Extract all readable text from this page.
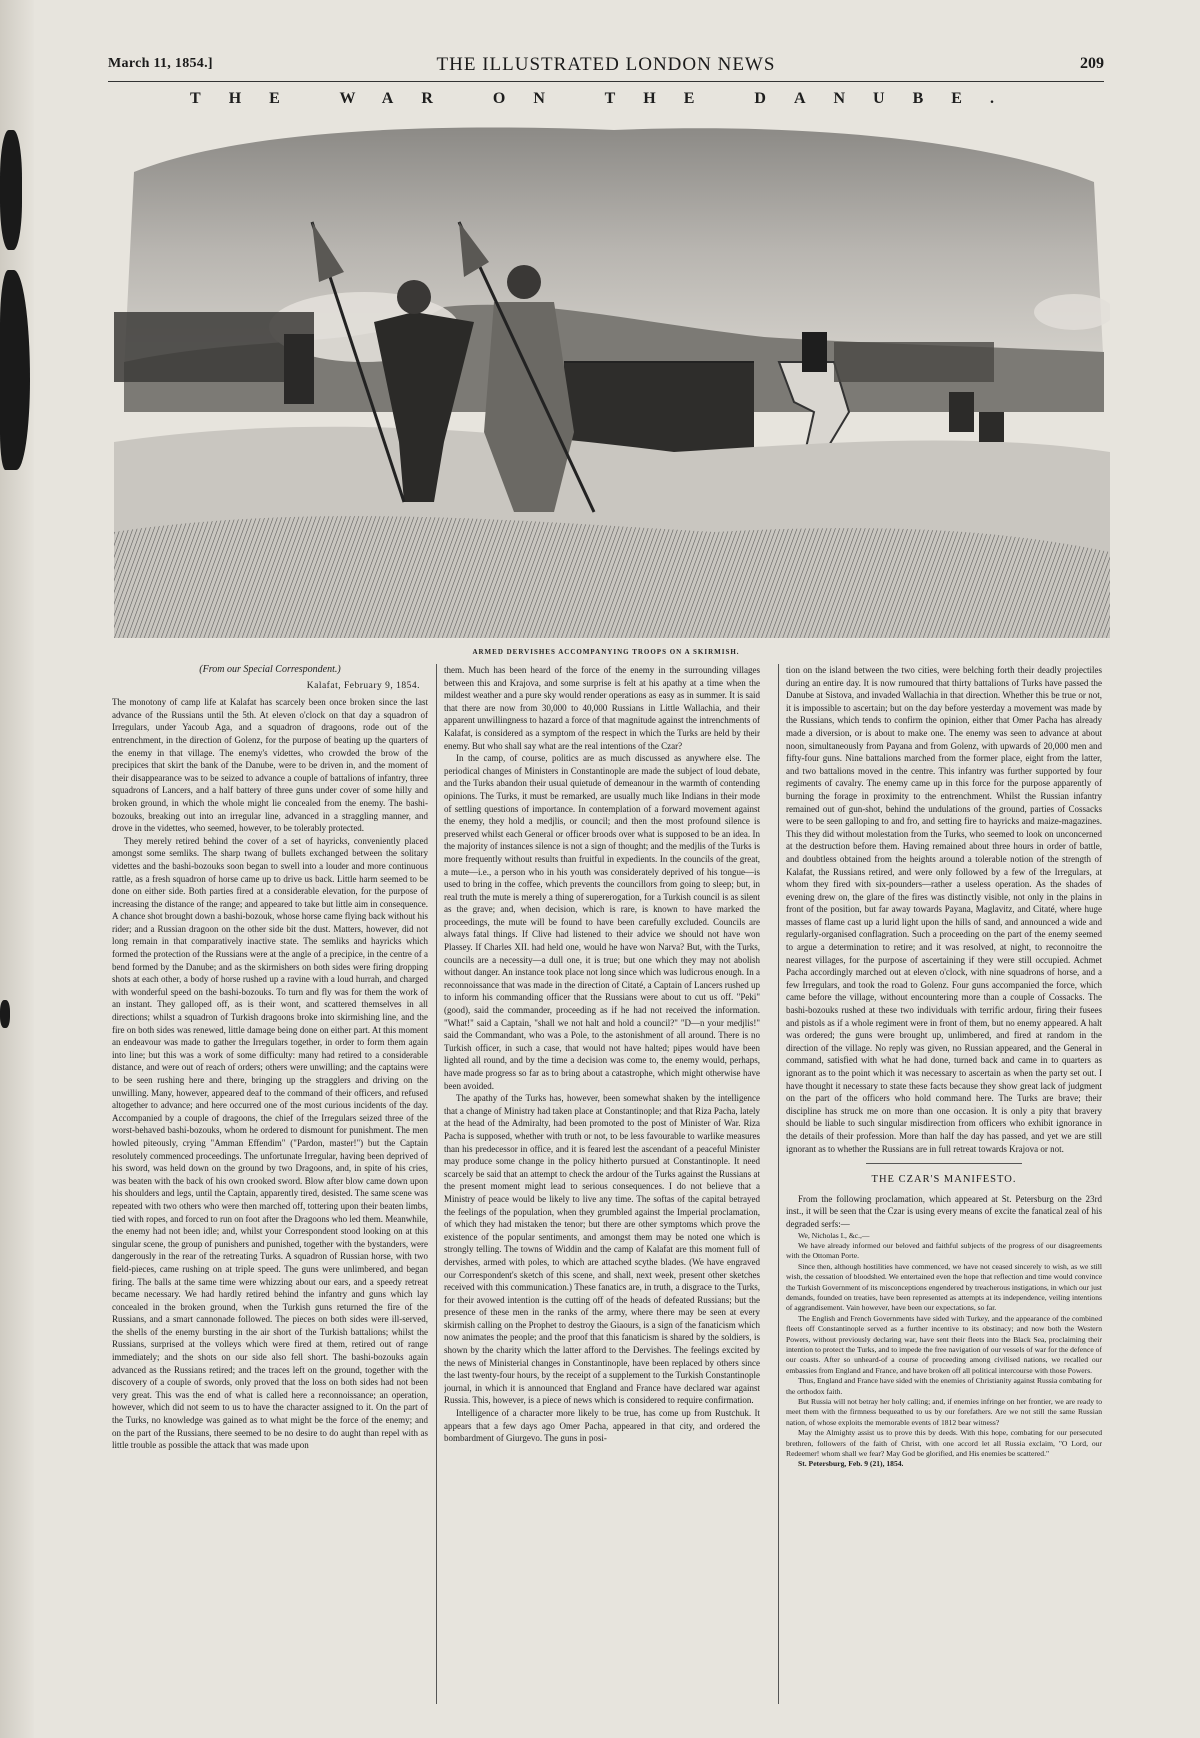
March 11, 1854.]	THE ILLUSTRATED LONDON NEWS	209
THE WAR ON THE DANUBE.
ARMED DERVISHES ACCOMPANYING TROOPS ON A SKIRMISH.

(From our Special Correspondent.)

Kalafat, February 9, 1854.

The monotony of camp life at Kalafat has scarcely been once broken since the last advance of the Russians until the 5th. At eleven o'clock on that day a squadron of Irregulars, under Yacoub Aga, and a squadron of dragoons, rode out of the entrenchment, in the direction of Golenz, for the purpose of beating up the quarters of the enemy in that village. The enemy's videttes, who crowded the brow of the precipices that skirt the bank of the Danube, were to be driven in, and the moment of their disappearance was to be seized to advance a couple of battalions of infantry, three squadrons of Lancers, and a half battery of three guns under cover of some hilly and broken ground, in which the whole might lie concealed from the enemy. The bashi-bozouks, breaking out into an irregular line, advanced in a straggling manner, and drove in the videttes, who seemed, however, to be tolerably protected.

They merely retired behind the cover of a set of hayricks, conveniently placed amongst some semliks. The sharp twang of bullets exchanged between the solitary videttes and the bashi-bozouks soon began to swell into a louder and more continuous rattle, as a fresh squadron of horse came up to drive us back. Little harm seemed to be done on either side. Both parties fired at a considerable elevation, for the purpose of increasing the distance of the range; and appeared to take but little aim in consequence. A chance shot brought down a bashi-bozouk, whose horse came flying back without his rider; and a Russian dragoon on the other side bit the dust. Matters, however, did not long remain in that comparatively inactive state. The semliks and hayricks which formed the protection of the Russians were at the angle of a precipice, in the centre of a bend formed by the Danube; and as the skirmishers on both sides were firing dropping shots at each other, a body of horse rushed up a ravine with a loud hurrah, and charged with wonderful speed on the bashi-bozouks. To turn and fly was for them the work of an instant. They galloped off, as is their wont, and scattered themselves in all directions; whilst a squadron of Turkish dragoons broke into skirmishing line, and the fire on both sides was renewed, little damage being done on either part. At this moment an endeavour was made to gather the Irregulars together, in order to form them again into line; but this was a work of some difficulty: many had retired to a considerable distance, and were out of reach of orders; others were unwilling; and the captains were to be seen rushing here and there, bringing up the stragglers and driving on the unwilling. Many, however, appeared deaf to the command of their officers, and refused altogether to advance; and here occurred one of the most curious incidents of the day. Accompanied by a couple of dragoons, the chief of the Irregulars seized three of the worst-behaved bashi-bozouks, whom he ordered to dismount for punishment. The men howled piteously, crying "Amman Effendim" ("Pardon, master!") but the Captain resolutely commenced proceedings. The unfortunate Irregular, having been deprived of his sword, was held down on the ground by two Dragoons, and, in spite of his cries, was beaten with the back of his own crooked sword. Blow after blow came down upon his shoulders and legs, until the Captain, apparently tired, desisted. The same scene was repeated with two others who were then marched off, tottering upon their beaten limbs, tied with ropes, and forced to run on foot after the Dragoons who led them. Meanwhile, the enemy had not been idle; and, whilst your Correspondent stood looking on at this singular scene, the group of punishers and punished, together with the bystanders, were dangerously in the rear of the retreating Turks. A squadron of Russian horse, with two field-pieces, came rushing on at triple speed. The guns were unlimbered, and began firing. The balls at the same time were whizzing about our ears, and a speedy retreat became necessary. We had hardly retired behind the infantry and guns which lay concealed in the broken ground, when the Turkish guns returned the fire of the Russians, and a smart cannonade followed. The pieces on both sides were ill-served, the shells of the enemy bursting in the air short of the Turkish battalions; whilst the Russians, surprised at the volleys which were fired at them, retired out of range immediately; and the shots on our side also fell short. The bashi-bozouks again advanced as the Russians retired; and the traces left on the ground, together with the discovery of a couple of swords, only proved that the loss on both sides had not been very great. This was the end of what is called here a reconnoissance; an operation, however, which did not seem to us to have the character assigned to it. On the part of the Turks, no knowledge was gained as to what might be the force of the enemy; and on the part of the Russians, there seemed to be no desire to do aught than repel with as little trouble as possible the attack that was made upon

them. Much has been heard of the force of the enemy in the surrounding villages between this and Krajova, and some surprise is felt at his apathy at a time when the mildest weather and a pure sky would render operations as easy as in summer. It is said that there are now from 30,000 to 40,000 Russians in Little Wallachia, and their apparent unwillingness to hazard a force of that magnitude against the intrenchments of Kalafat, is considered as a symptom of the respect in which the Turks are held by their enemy. But who shall say what are the real intentions of the Czar?

In the camp, of course, politics are as much discussed as anywhere else. The periodical changes of Ministers in Constantinople are made the subject of loud debate, and the Turks abandon their usual quietude of demeanour in the warmth of contending opinions. The Turks, it must be remarked, are usually much like Indians in their mode of settling questions of importance. In contemplation of a forward movement against the enemy, they hold a medjlis, or council; and then the most profound silence is preserved whilst each General or officer broods over what is supposed to be an idea. In the majority of instances silence is not a sign of thought; and the medjlis of the Turks is more frequently without results than fruitful in expedients. In the councils of the great, a mute—i.e., a person who in his youth was considerately deprived of his tongue—is used to bring in the coffee, which prevents the councillors from going to sleep; but, in real truth the mute is merely a thing of supererogation, for a Turkish council is as silent as the grave; and, when decision, which is rare, is known to have marked the proceedings, the mute will be found to have been carefully excluded. Councils are always fatal things. If Clive had listened to their advice we should not have won Plassey. If Charles XII. had held one, would he have won Narva? But, with the Turks, councils are a necessity—a dull one, it is true; but one which they may not abolish without danger. An instance took place not long since which was ludicrous enough. In a reconnoissance that was made in the direction of Citaté, a Captain of Lancers rushed up to inform his commanding officer that the Russians were about to cut us off. "Peki" (good), said the commander, proceeding as if he had not received the information. "What!" said a Captain, "shall we not halt and hold a council?" "D—n your medjlis!" said the Commandant, who was a Pole, to the astonishment of all around. There is no Turkish officer, in such a case, that would not have halted; pipes would have been lighted all round, and by the time a decision was come to, the enemy would, perhaps, have made progress so far as to bring about a catastrophe, which might otherwise have been avoided.

The apathy of the Turks has, however, been somewhat shaken by the intelligence that a change of Ministry had taken place at Constantinople; and that Riza Pacha, lately at the head of the Admiralty, had been promoted to the post of Minister of War. Riza Pacha is supposed, whether with truth or not, to be less favourable to warlike measures than his predecessor in office, and it is feared lest the ascendant of a peaceful Minister may produce some change in the policy hitherto pursued at Constantinople. It need scarcely be said that an attempt to check the ardour of the Turks against the Russians at the present moment might lead to serious consequences. I do not believe that a Ministry of peace would be likely to live any time. The softas of the capital betrayed the feelings of the population, when they grumbled against the Imperial proclamation, of which they had mistaken the tenor; but there are other symptoms which prove the existence of the popular sentiments, and amongst them may be noted one which is strongly telling. The towns of Widdin and the camp of Kalafat are this moment full of dervishes, armed with poles, to which are attached scythe blades. (We have engraved our Correspondent's sketch of this scene, and shall, next week, present other sketches received with this communication.) These fanatics are, in truth, a disgrace to the Turks, for their avowed intention is the cutting off of the heads of defeated Russians; but the presence of these men in the ranks of the army, where there may be seen at every skirmish calling on the Prophet to destroy the Giaours, is a sign of the fanaticism which now animates the people; and the proof that this fanaticism is shared by the soldiers, is shown by the charity which the latter afford to the Dervishes. The feelings excited by the news of Ministerial changes in Constantinople, have been replaced by others since the last twenty-four hours, by the receipt of a supplement to the Turkish Constantinople journal, in which it is announced that England and France have declared war against Russia. This, however, is a piece of news which is considered to require confirmation.

Intelligence of a character more likely to be true, has come up from Rustchuk. It appears that a few days ago Omer Pacha, appeared in that city, and ordered the bombardment of Giurgevo. The guns in posi-

tion on the island between the two cities, were belching forth their deadly projectiles during an entire day. It is now rumoured that thirty battalions of Turks have passed the Danube at Sistova, and invaded Wallachia in that direction. Whether this be true or not, it is impossible to ascertain; but on the day before yesterday a movement was made by the Russians, which tends to confirm the opinion, either that Omer Pacha has already made a diversion, or is about to make one. The enemy was seen to advance at about noon, simultaneously from Payana and from Golenz, with upwards of 20,000 men and fifty-four guns. Nine battalions marched from the former place, eight from the latter, and two battalions moved in the centre. This infantry was further supported by four regiments of cavalry. The enemy came up in this force for the purpose apparently of burning the forage in proximity to the entrenchment. Whilst the Russian infantry remained out of gun-shot, behind the undulations of the ground, parties of Cossacks were to be seen galloping to and fro, and setting fire to hayricks and maize-magazines. This they did without molestation from the Turks, who seemed to look on unconcerned at the destruction before them. Having remained about three hours in order of battle, and doubtless obtained from the heights around a tolerable notion of the strength of Kalafat, the Russians retired, and were only followed by a few of the Irregulars, at whom they fired with six-pounders—rather a useless operation. As the shades of evening drew on, the glare of the fires was distinctly visible, not only in the plains in front of the position, but far away towards Payana, Maglavitz, and Citaté, where huge masses of flame cast up a lurid light upon the hills of sand, and announced a wide and regularly-organised conflagration. Such a proceeding on the part of the enemy seemed to argue a determination to retire; and it was resolved, at night, to reconnoitre the nearest villages, for the purpose of ascertaining if they were still occupied. Achmet Pacha accordingly marched out at eleven o'clock, with nine squadrons of horse, and a few Irregulars, and took the road to Golenz. Four guns accompanied the force, which came before the village, without encountering more than a couple of Cossacks. The bashi-bozouks rushed at these two individuals with terrific ardour, firing their fusees and pistols as if a whole regiment were in front of them, but no enemy appeared. A halt was ordered; the guns were brought up, unlimbered, and fired at random in the direction of the village. No reply was given, no Russian appeared, and the General in command, satisfied with what he had done, turned back and came in to quarters as ignorant as to the point which it was necessary to ascertain as when the party set out. I have thought it necessary to state these facts because they show great lack of judgment on the part of the officers who hold command here. The Turks are brave; their discipline has struck me on more than one occasion. It is only a pity that bravery should be liable to such singular misdirection from officers who exhibit ignorance in the details of their profession. More than half the day has passed, and yet we are still ignorant as to whether the Russians are in full retreat towards Krajova or not.

THE CZAR'S MANIFESTO.

From the following proclamation, which appeared at St. Petersburg on the 23rd inst., it will be seen that the Czar is using every means of excite the fanatical zeal of his degraded serfs:—

We, Nicholas I., &c.,—

We have already informed our beloved and faithful subjects of the progress of our disagreements with the Ottoman Porte.

Since then, although hostilities have commenced, we have not ceased sincerely to wish, as we still wish, the cessation of bloodshed. We entertained even the hope that reflection and time would convince the Turkish Government of its misconceptions engendered by treacherous instigations, in which our just demands, founded on treaties, have been represented as attempts at its independence, veiling intentions of aggrandisement. Vain however, have been our expectations, so far.

The English and French Governments have sided with Turkey, and the appearance of the combined fleets off Constantinople served as a further incentive to its obstinacy; and now both the Western Powers, without previously declaring war, have sent their fleets into the Black Sea, proclaiming their intention to protect the Turks, and to impede the free navigation of our vessels of war for the defence of our coasts. After so unheard-of a course of proceeding among civilised nations, we recalled our embassies from England and France, and have broken off all political intercourse with those Powers.

Thus, England and France have sided with the enemies of Christianity against Russia combating for the orthodox faith.

But Russia will not betray her holy calling; and, if enemies infringe on her frontier, we are ready to meet them with the firmness bequeathed to us by our forefathers. Are we not still the same Russian nation, of whose exploits the memorable events of 1812 bear witness?

May the Almighty assist us to prove this by deeds. With this hope, combating for our persecuted brethren, followers of the faith of Christ, with one accord let all Russia exclaim, "O Lord, our Redeemer! whom shall we fear? May God be glorified, and His enemies be scattered."

St. Petersburg, Feb. 9 (21), 1854.
